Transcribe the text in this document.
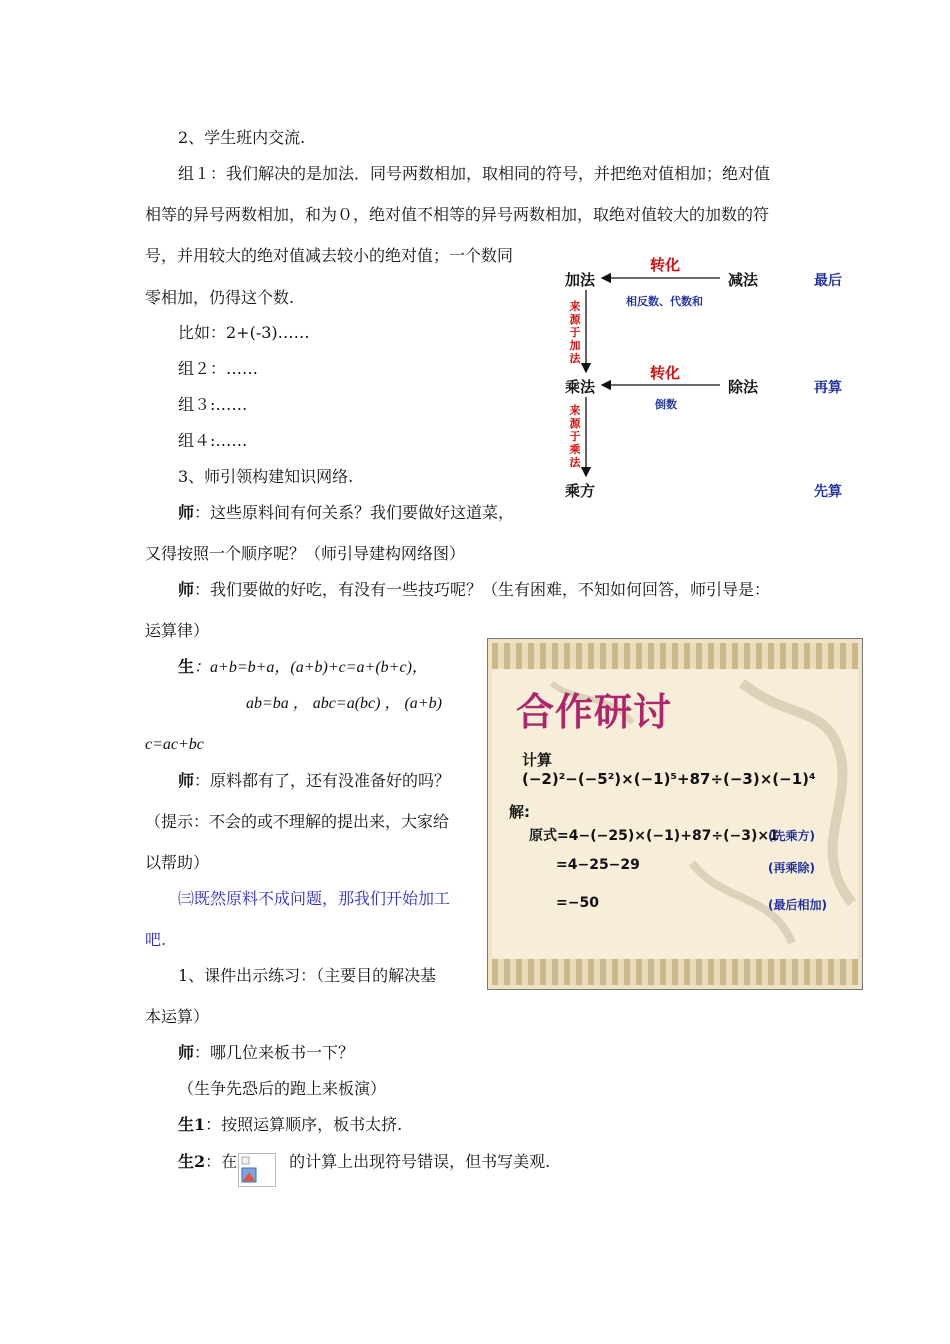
2、学生班内交流.
组１：我们解决的是加法．同号两数相加，取相同的符号，并把绝对值相加；绝对值
相等的异号两数相加，和为０，绝对值不相等的异号两数相加，取绝对值较大的加数的符
号，并用较大的绝对值减去较小的绝对值；一个数同
零相加，仍得这个数.
比如：2+(-3)……
组２：……
组３:……
组４:……
3、师引领构建知识网络.
师：这些原料间有何关系？我们要做好这道菜，
又得按照一个顺序呢？（师引导建构网络图）
师：我们要做的好吃，有没有一些技巧呢？（生有困难，不知如何回答，师引导是：
运算律）
生：a+b=b+a，(a+b)+c=a+(b+c)，
ab=ba ， abc=a(bc) ， (a+b)
c=ac+bc
师：原料都有了，还有没准备好的吗？
（提示：不会的或不理解的提出来，大家给
以帮助）
㈢既然原料不成问题，那我们开始加工
吧.
1、课件出示练习：（主要目的解决基
本运算）
师：哪几位来板书一下？
（生争先恐后的跑上来板演）
生1：按照运算顺序，板书太挤.
生2：在	的计算上出现符号错误，但书写美观.
加法	减法
乘法	除法
乘方
转化
转化
相反数、代数和
倒数
来源于加法
来源于乘法
最后
再算
先算
合作研讨
计算
(−2)²−(−5²)×(−1)⁵+87÷(−3)×(−1)⁴
解:
原式=4−(−25)×(−1)+87÷(−3)×1
(先乘方)
=4−25−29	(再乘除)
=−50	(最后相加)
